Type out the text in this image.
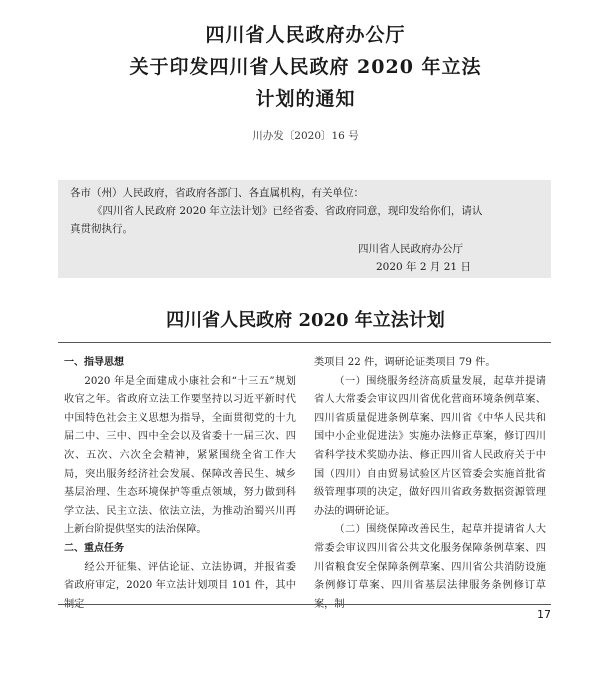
四川省人民政府办公厅
关于印发四川省人民政府 2020 年立法
计划的通知
川办发〔2020〕16 号

各市（州）人民政府，省政府各部门、各直属机构，有关单位：

《四川省人民政府 2020 年立法计划》已经省委、省政府同意，现印发给你们，请认

真贯彻执行。

四川省人民政府办公厅

2020 年 2 月 21 日

四川省人民政府 2020 年立法计划

一、指导思想

2020 年是全面建成小康社会和“十三五”规划收官之年。省政府立法工作要坚持以习近平新时代中国特色社会主义思想为指导，全面贯彻党的十九届二中、三中、四中全会以及省委十一届三次、四次、五次、六次全会精神，紧紧围绕全省工作大局，突出服务经济社会发展、保障改善民生、城乡基层治理、生态环境保护等重点领域，努力做到科学立法、民主立法、依法立法，为推动治蜀兴川再上新台阶提供坚实的法治保障。

二、重点任务

经公开征集、评估论证、立法协调，并报省委省政府审定，2020 年立法计划项目 101 件，其中制定

类项目 22 件，调研论证类项目 79 件。

（一）围绕服务经济高质量发展，起草并提请省人大常委会审议四川省优化营商环境条例草案、四川省质量促进条例草案、四川省《中华人民共和国中小企业促进法》实施办法修正草案，修订四川省科学技术奖励办法、修正四川省人民政府关于中国（四川）自由贸易试验区片区管委会实施首批省级管理事项的决定，做好四川省政务数据资源管理办法的调研论证。

（二）围绕保障改善民生，起草并提请省人大常委会审议四川省公共文化服务保障条例草案、四川省粮食安全保障条例草案、四川省公共消防设施条例修订草案、四川省基层法律服务条例修订草案，制

17
